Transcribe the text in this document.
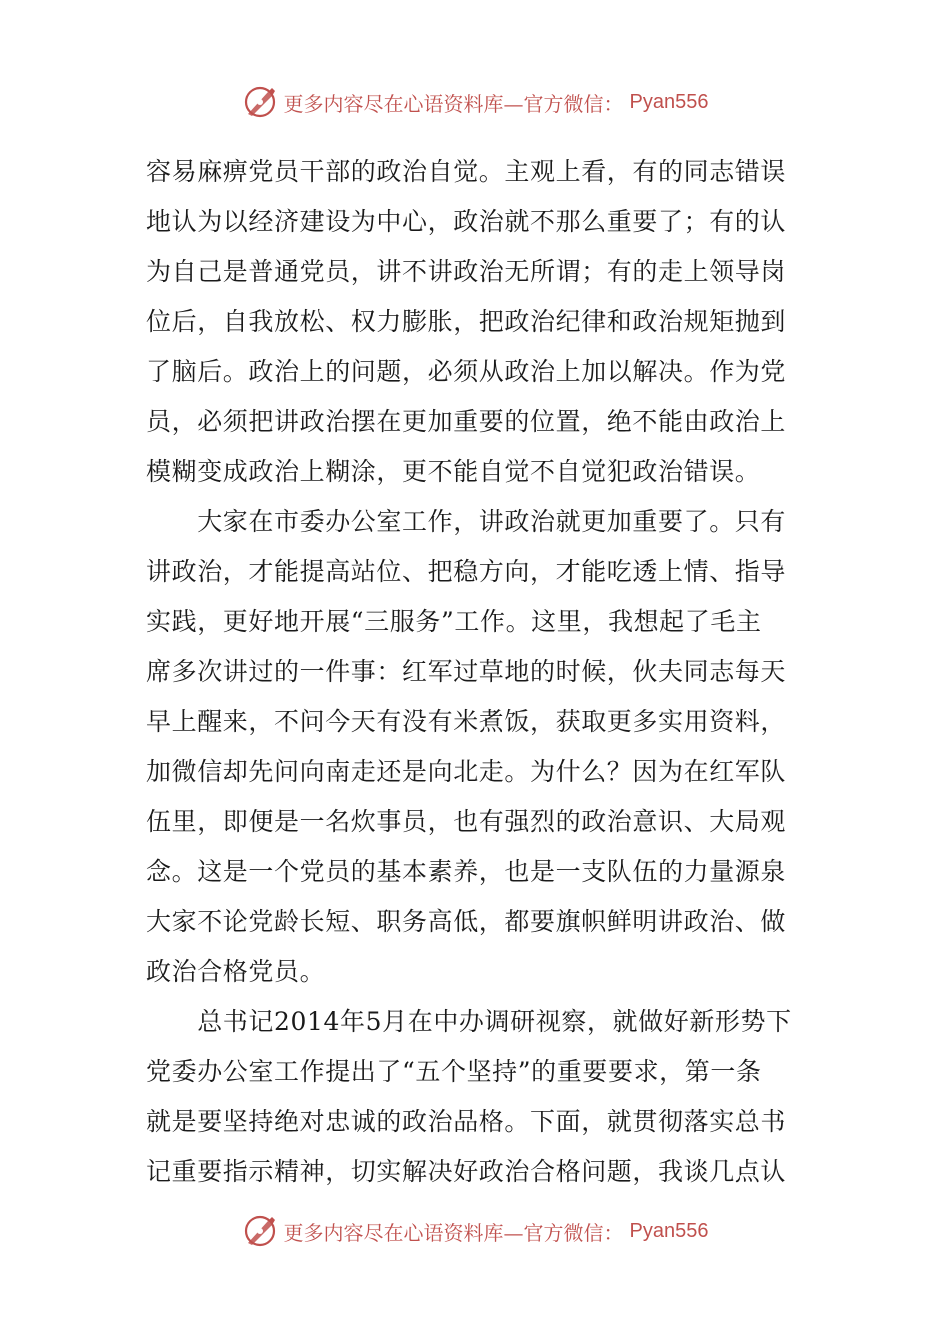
更多内容尽在心语资料库—官方微信： Pyan556
容易麻痹党员干部的政治自觉。主观上看，有的同志错误
地认为以经济建设为中心，政治就不那么重要了；有的认
为自己是普通党员，讲不讲政治无所谓；有的走上领导岗
位后，自我放松、权力膨胀，把政治纪律和政治规矩抛到
了脑后。政治上的问题，必须从政治上加以解决。作为党
员，必须把讲政治摆在更加重要的位置，绝不能由政治上
模糊变成政治上糊涂，更不能自觉不自觉犯政治错误。
　　大家在市委办公室工作，讲政治就更加重要了。只有
讲政治，才能提高站位、把稳方向，才能吃透上情、指导
实践，更好地开展“三服务”工作。这里，我想起了毛主
席多次讲过的一件事：红军过草地的时候，伙夫同志每天
早上醒来，不问今天有没有米煮饭，获取更多实用资料，
加微信却先问向南走还是向北走。为什么？因为在红军队
伍里，即便是一名炊事员，也有强烈的政治意识、大局观
念。这是一个党员的基本素养，也是一支队伍的力量源泉
大家不论党龄长短、职务高低，都要旗帜鲜明讲政治、做
政治合格党员。
　　总书记2014年5月在中办调研视察，就做好新形势下
党委办公室工作提出了“五个坚持”的重要要求，第一条
就是要坚持绝对忠诚的政治品格。下面，就贯彻落实总书
记重要指示精神，切实解决好政治合格问题，我谈几点认
更多内容尽在心语资料库—官方微信： Pyan556
